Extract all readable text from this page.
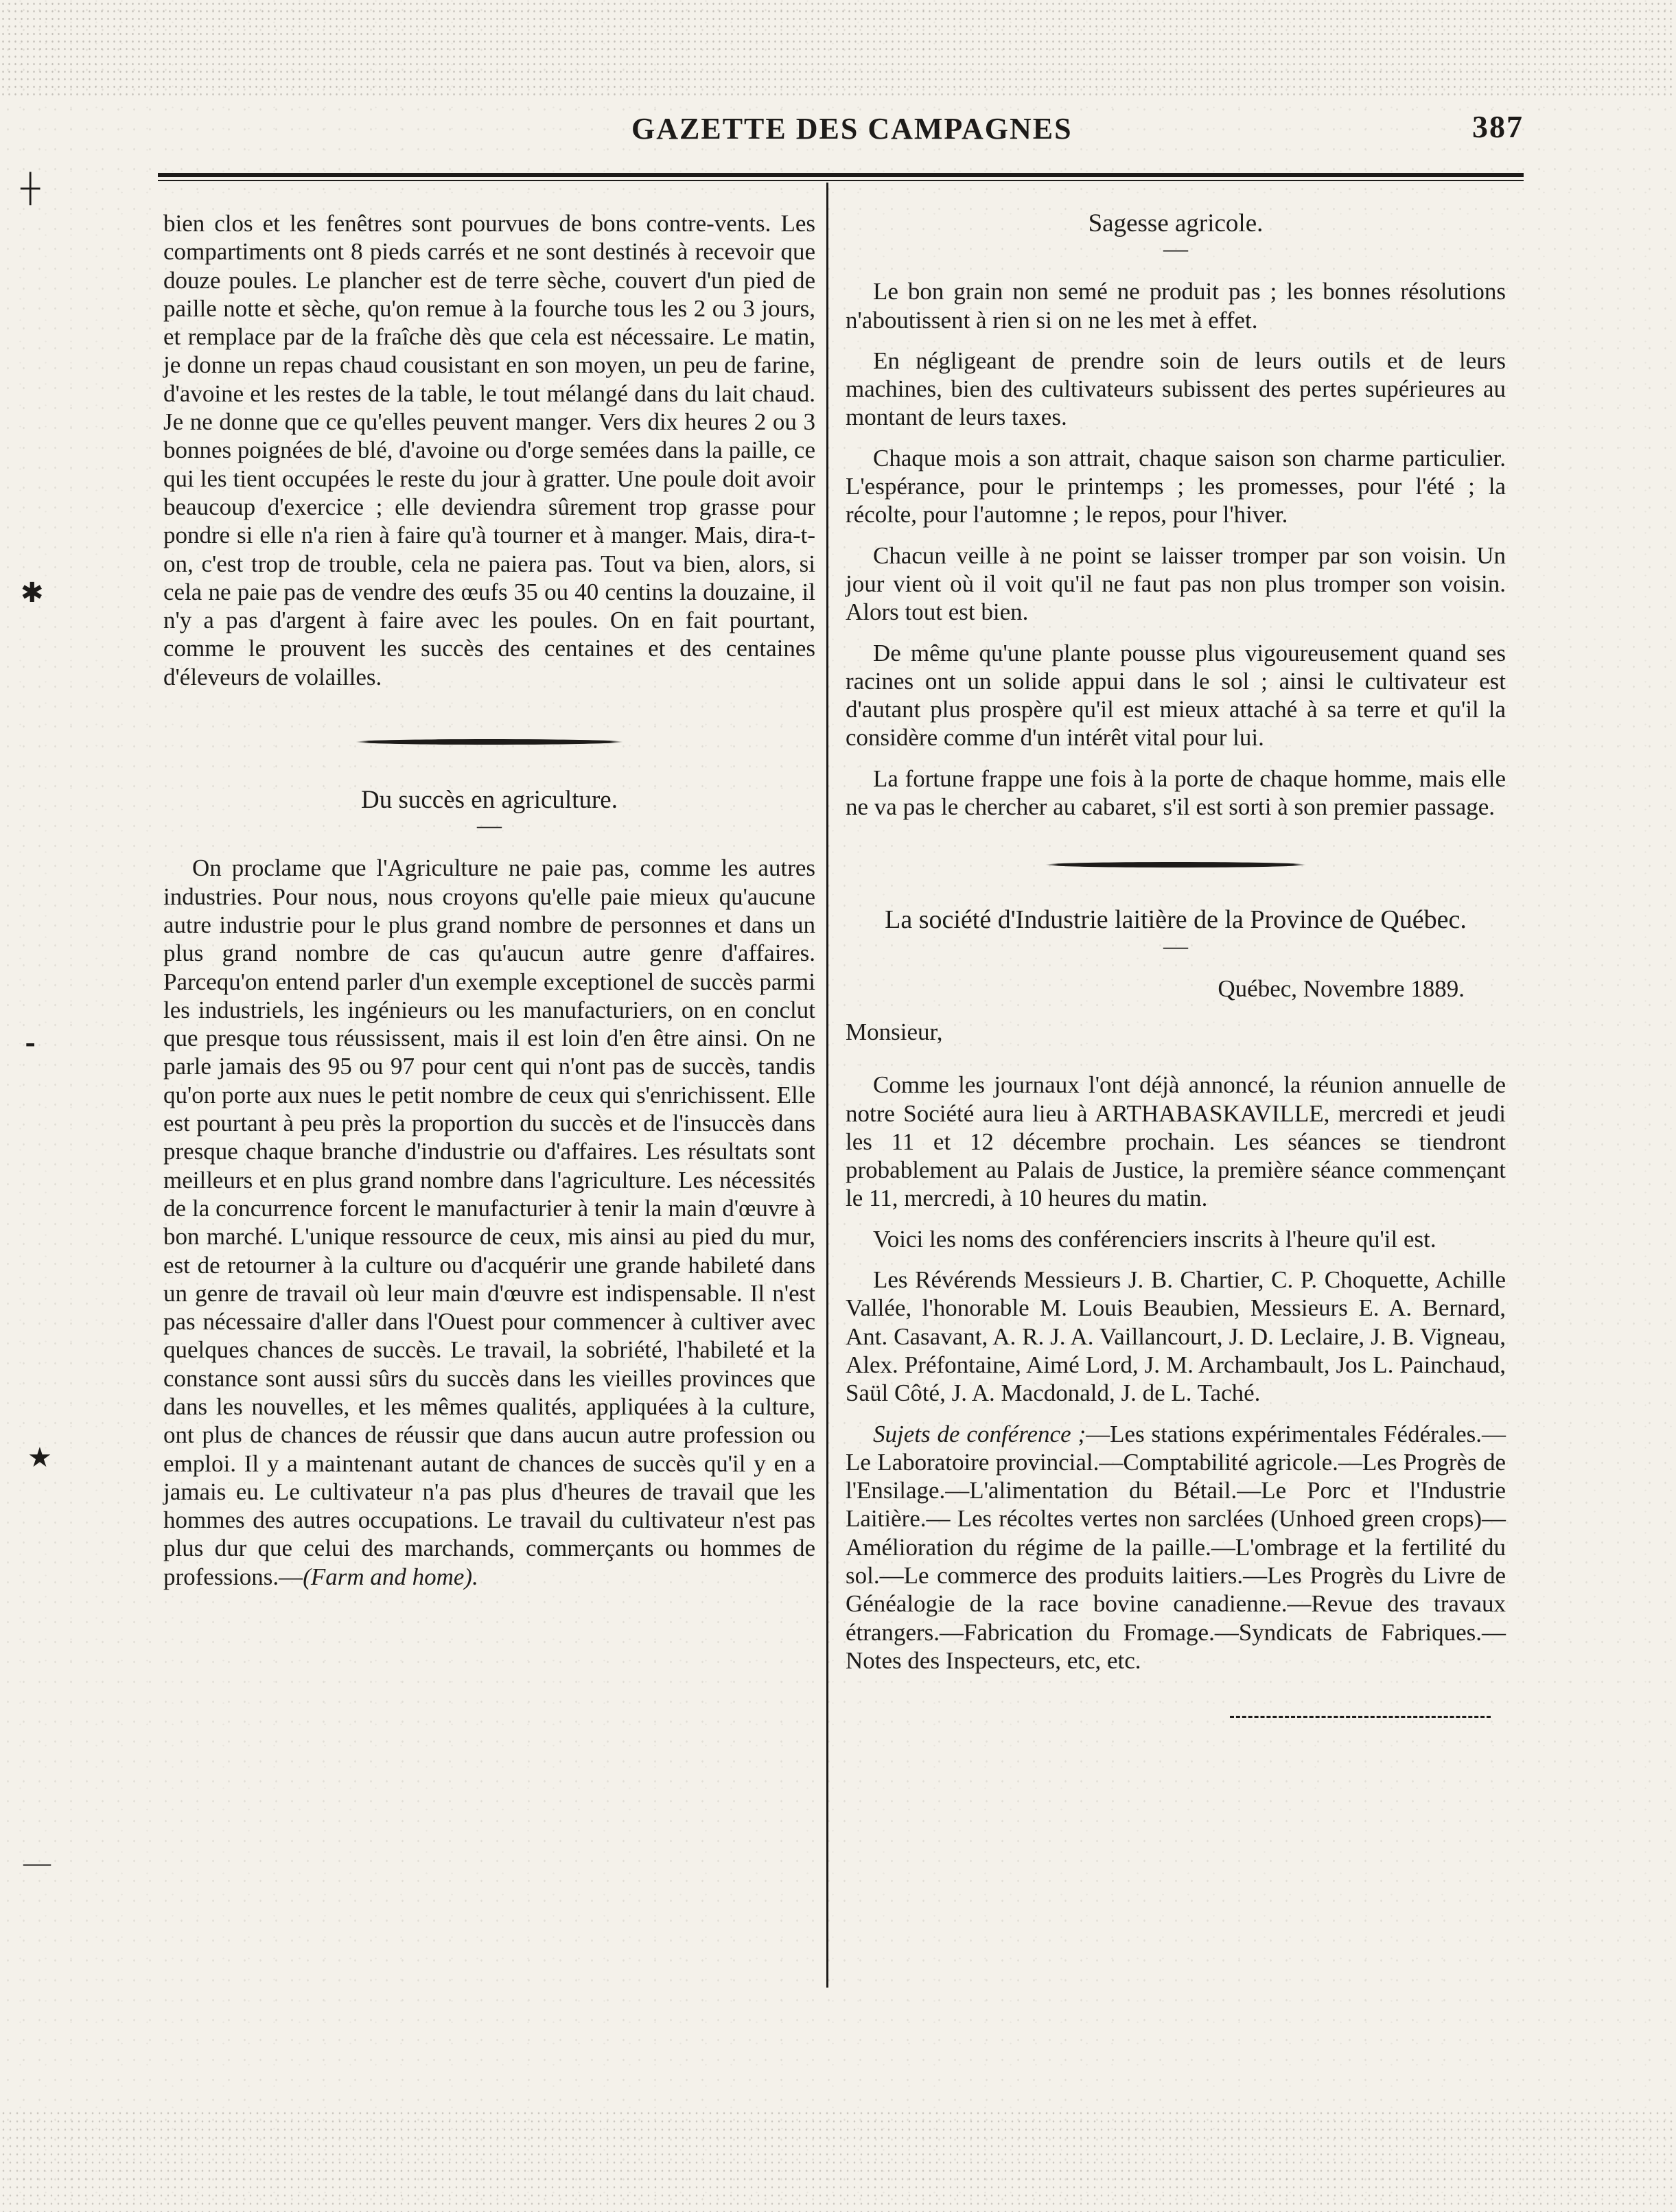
┼
✱
⁃
★
—
GAZETTE DES CAMPAGNES	387

bien clos et les fenêtres sont pourvues de bons contre-vents. Les compartiments ont 8 pieds carrés et ne sont destinés à recevoir que douze poules. Le plancher est de terre sèche, couvert d'un pied de paille notte et sèche, qu'on remue à la fourche tous les 2 ou 3 jours, et remplace par de la fraîche dès que cela est nécessaire. Le matin, je donne un repas chaud cousistant en son moyen, un peu de farine, d'avoine et les restes de la table, le tout mélangé dans du lait chaud. Je ne donne que ce qu'elles peuvent manger. Vers dix heures 2 ou 3 bonnes poignées de blé, d'avoine ou d'orge semées dans la paille, ce qui les tient occupées le reste du jour à gratter. Une poule doit avoir beaucoup d'exercice ; elle deviendra sûrement trop grasse pour pondre si elle n'a rien à faire qu'à tourner et à manger. Mais, dira-t-on, c'est trop de trouble, cela ne paiera pas. Tout va bien, alors, si cela ne paie pas de vendre des œufs 35 ou 40 centins la douzaine, il n'y a pas d'argent à faire avec les poules. On en fait pourtant, comme le prouvent les succès des centaines et des centaines d'éleveurs de volailles.

Du succès en agriculture.

—

On proclame que l'Agriculture ne paie pas, comme les autres industries. Pour nous, nous croyons qu'elle paie mieux qu'aucune autre industrie pour le plus grand nombre de personnes et dans un plus grand nombre de cas qu'aucun autre genre d'affaires. Parcequ'on entend parler d'un exemple exceptionel de succès parmi les industriels, les ingénieurs ou les manufacturiers, on en conclut que presque tous réussissent, mais il est loin d'en être ainsi. On ne parle jamais des 95 ou 97 pour cent qui n'ont pas de succès, tandis qu'on porte aux nues le petit nombre de ceux qui s'enrichissent. Elle est pourtant à peu près la proportion du succès et de l'insuccès dans presque chaque branche d'industrie ou d'affaires. Les résultats sont meilleurs et en plus grand nombre dans l'agriculture. Les nécessités de la concurrence forcent le manufacturier à tenir la main d'œuvre à bon marché. L'unique ressource de ceux, mis ainsi au pied du mur, est de retourner à la culture ou d'acquérir une grande habileté dans un genre de travail où leur main d'œuvre est indispensable. Il n'est pas nécessaire d'aller dans l'Ouest pour commencer à cultiver avec quelques chances de succès. Le travail, la sobriété, l'habileté et la constance sont aussi sûrs du succès dans les vieilles provinces que dans les nouvelles, et les mêmes qualités, appliquées à la culture, ont plus de chances de réussir que dans aucun autre profession ou emploi. Il y a maintenant autant de chances de succès qu'il y en a jamais eu. Le cultivateur n'a pas plus d'heures de travail que les hommes des autres occupations. Le travail du cultivateur n'est pas plus dur que celui des marchands, commerçants ou hommes de professions.—(Farm and home).

Sagesse agricole.

—

Le bon grain non semé ne produit pas ; les bonnes résolutions n'aboutissent à rien si on ne les met à effet.

En négligeant de prendre soin de leurs outils et de leurs machines, bien des cultivateurs subissent des pertes supérieures au montant de leurs taxes.

Chaque mois a son attrait, chaque saison son charme particulier. L'espérance, pour le printemps ; les promesses, pour l'été ; la récolte, pour l'automne ; le repos, pour l'hiver.

Chacun veille à ne point se laisser tromper par son voisin. Un jour vient où il voit qu'il ne faut pas non plus tromper son voisin. Alors tout est bien.

De même qu'une plante pousse plus vigoureusement quand ses racines ont un solide appui dans le sol ; ainsi le cultivateur est d'autant plus prospère qu'il est mieux attaché à sa terre et qu'il la considère comme d'un intérêt vital pour lui.

La fortune frappe une fois à la porte de chaque homme, mais elle ne va pas le chercher au cabaret, s'il est sorti à son premier passage.

La société d'Industrie laitière de la Province de Québec.

—

Québec, Novembre 1889.

Monsieur,

Comme les journaux l'ont déjà annoncé, la réunion annuelle de notre Société aura lieu à ARTHABASKAVILLE, mercredi et jeudi les 11 et 12 décembre prochain. Les séances se tiendront probablement au Palais de Justice, la première séance commençant le 11, mercredi, à 10 heures du matin.

Voici les noms des conférenciers inscrits à l'heure qu'il est.

Les Révérends Messieurs J. B. Chartier, C. P. Choquette, Achille Vallée, l'honorable M. Louis Beaubien, Messieurs E. A. Bernard, Ant. Casavant, A. R. J. A. Vaillancourt, J. D. Leclaire, J. B. Vigneau, Alex. Préfontaine, Aimé Lord, J. M. Archambault, Jos L. Painchaud, Saül Côté, J. A. Macdonald, J. de L. Taché.

Sujets de conférence ;—Les stations expérimentales Fédérales.—Le Laboratoire provincial.—Comptabilité agricole.—Les Progrès de l'Ensilage.—L'alimentation du Bétail.—Le Porc et l'Industrie Laitière.— Les récoltes vertes non sarclées (Unhoed green crops)—Amélioration du régime de la paille.—L'ombrage et la fertilité du sol.—Le commerce des produits laitiers.—Les Progrès du Livre de Généalogie de la race bovine canadienne.—Revue des travaux étrangers.—Fabrication du Fromage.—Syndicats de Fabriques.—Notes des Inspecteurs, etc, etc.
